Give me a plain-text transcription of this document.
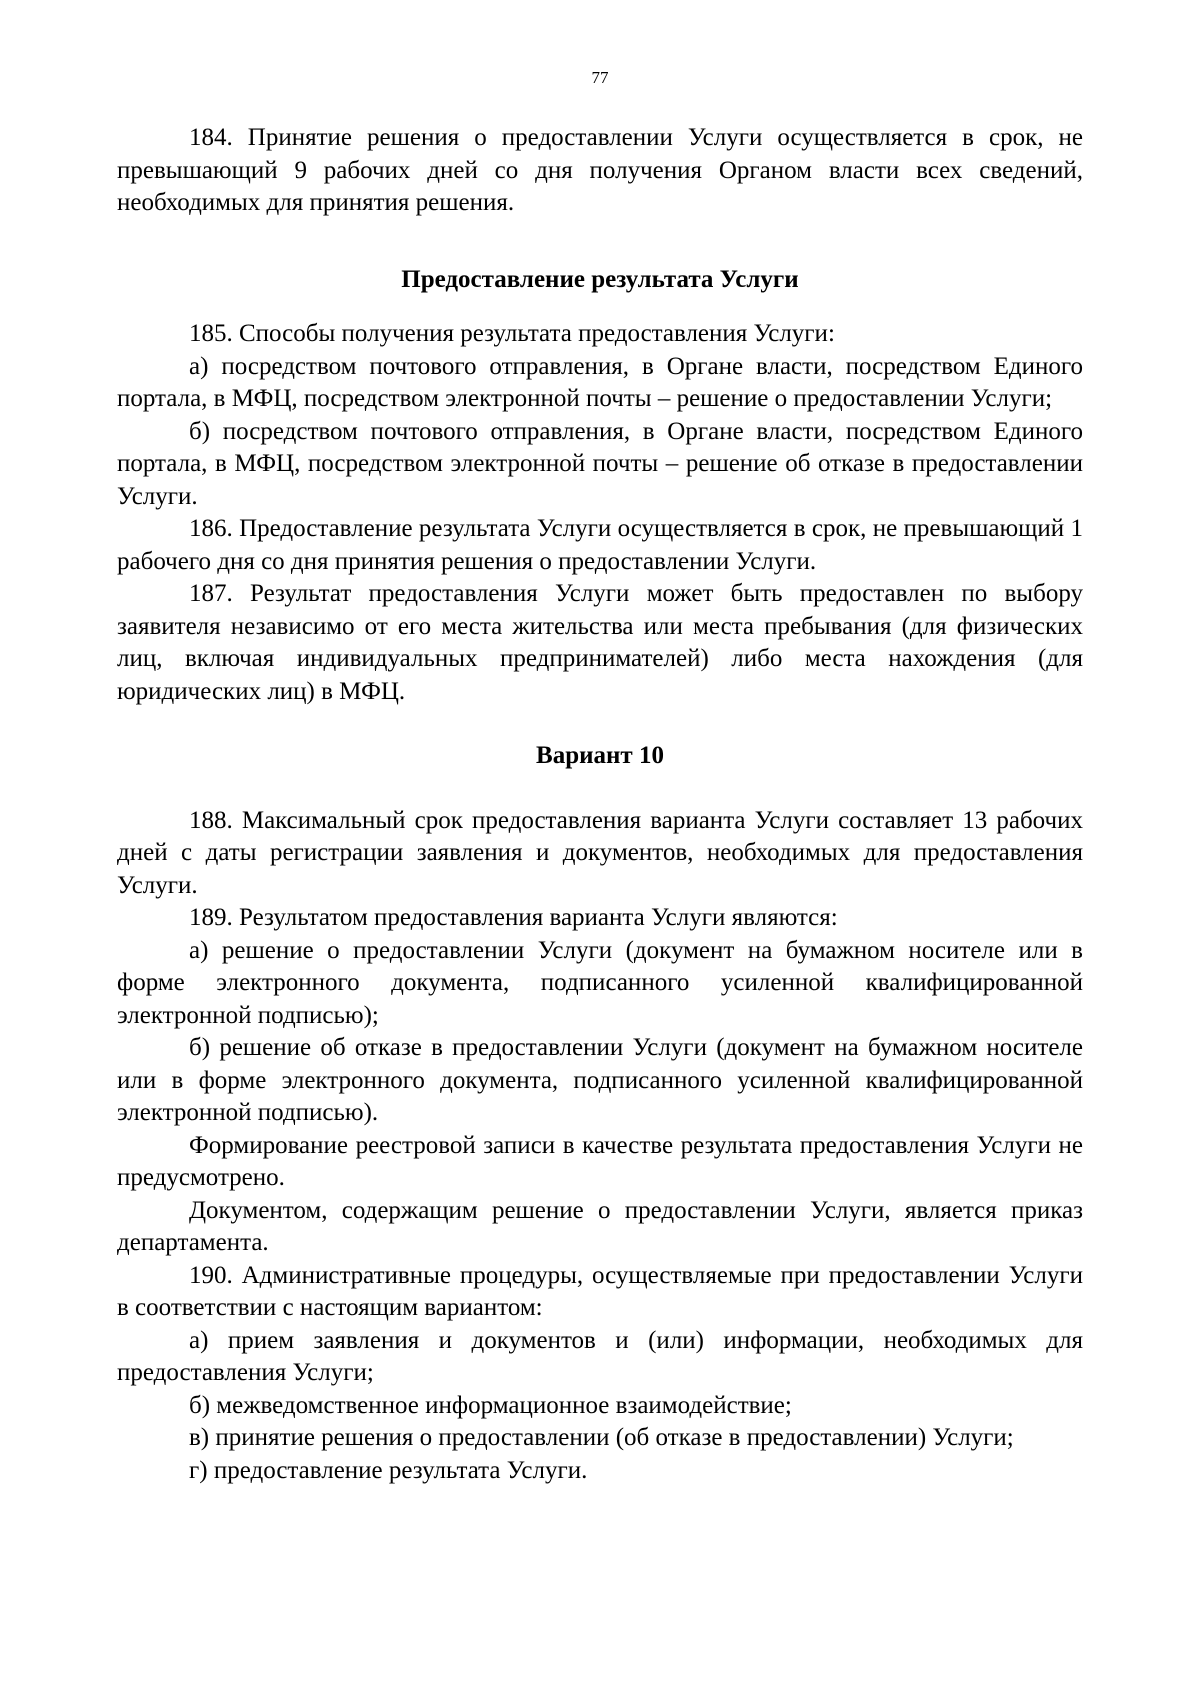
77

184. Принятие решения о предоставлении Услуги осуществляется в срок, не превышающий 9 рабочих дней со дня получения Органом власти всех сведений, необходимых для принятия решения.

Предоставление результата Услуги

185. Способы получения результата предоставления Услуги:

а) посредством почтового отправления, в Органе власти, посредством Единого портала, в МФЦ, посредством электронной почты – решение о предоставлении Услуги;

б) посредством почтового отправления, в Органе власти, посредством Единого портала, в МФЦ, посредством электронной почты – решение об отказе в предоставлении Услуги.

186. Предоставление результата Услуги осуществляется в срок, не превышающий 1 рабочего дня со дня принятия решения о предоставлении Услуги.

187. Результат предоставления Услуги может быть предоставлен по выбору заявителя независимо от его места жительства или места пребывания (для физических лиц, включая индивидуальных предпринимателей) либо места нахождения (для юридических лиц) в МФЦ.

Вариант 10

188. Максимальный срок предоставления варианта Услуги составляет 13 рабочих дней с даты регистрации заявления и документов, необходимых для предоставления Услуги.

189. Результатом предоставления варианта Услуги являются:

а) решение о предоставлении Услуги (документ на бумажном носителе или в форме электронного документа, подписанного усиленной квалифицированной электронной подписью);

б) решение об отказе в предоставлении Услуги (документ на бумажном носителе или в форме электронного документа, подписанного усиленной квалифицированной электронной подписью).

Формирование реестровой записи в качестве результата предоставления Услуги не предусмотрено.

Документом, содержащим решение о предоставлении Услуги, является приказ департамента.

190. Административные процедуры, осуществляемые при предоставлении Услуги в соответствии с настоящим вариантом:

а) прием заявления и документов и (или) информации, необходимых для предоставления Услуги;

б) межведомственное информационное взаимодействие;

в) принятие решения о предоставлении (об отказе в предоставлении) Услуги;

г) предоставление результата Услуги.
